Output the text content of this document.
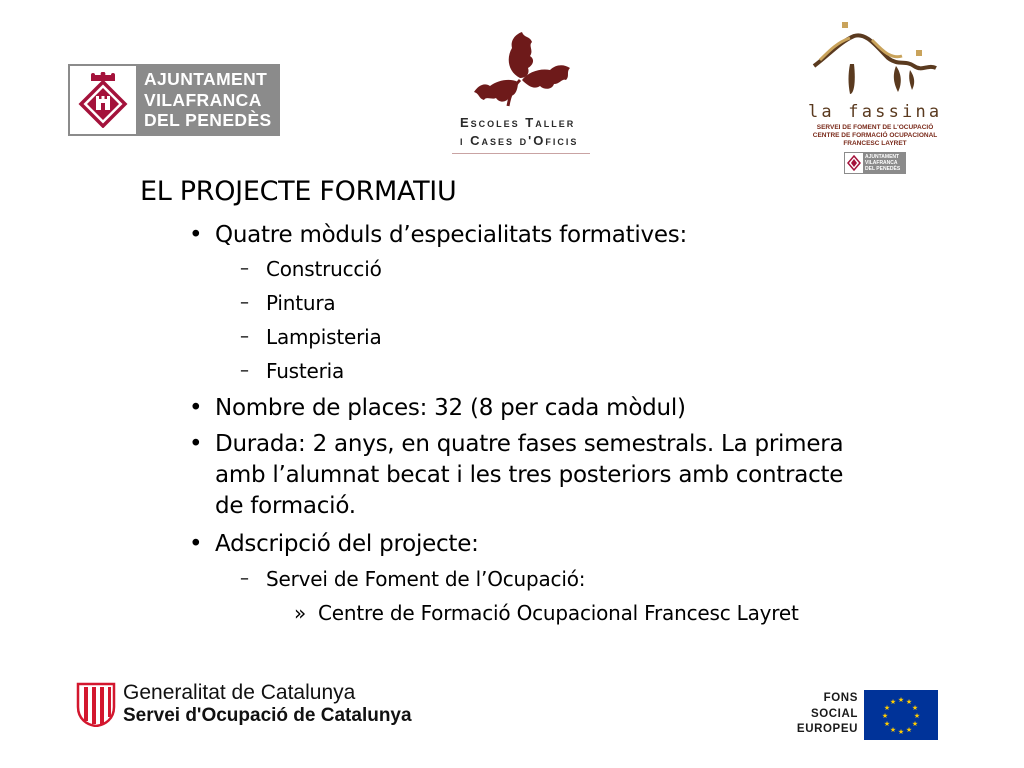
AJUNTAMENT
VILAFRANCA
DEL PENEDÈS	Escoles Taller
i Cases d'Oficis
la fassina
SERVEI DE FOMENT DE L'OCUPACIÓ
CENTRE DE FORMACIÓ OCUPACIONAL
FRANCESC LAYRET
AJUNTAMENT
VILAFRANCA
DEL PENEDÈS
EL PROJECTE FORMATIU
• Quatre mòduls d’especialitats formatives:
– Construcció
– Pintura
– Lampisteria
– Fusteria
• Nombre de places: 32 (8 per cada mòdul)
• Durada: 2 anys, en quatre fases semestrals. La primera
amb l’alumnat becat i les tres posteriors amb contracte
de formació.
• Adscripció del projecte:
– Servei de Foment de l’Ocupació:
» Centre de Formació Ocupacional Francesc Layret
Generalitat de Catalunya
Servei d'Ocupació de Catalunya
FONS
SOCIAL
EUROPEU
★ ★
★
★
★
★
★
★
★
★
★
★
